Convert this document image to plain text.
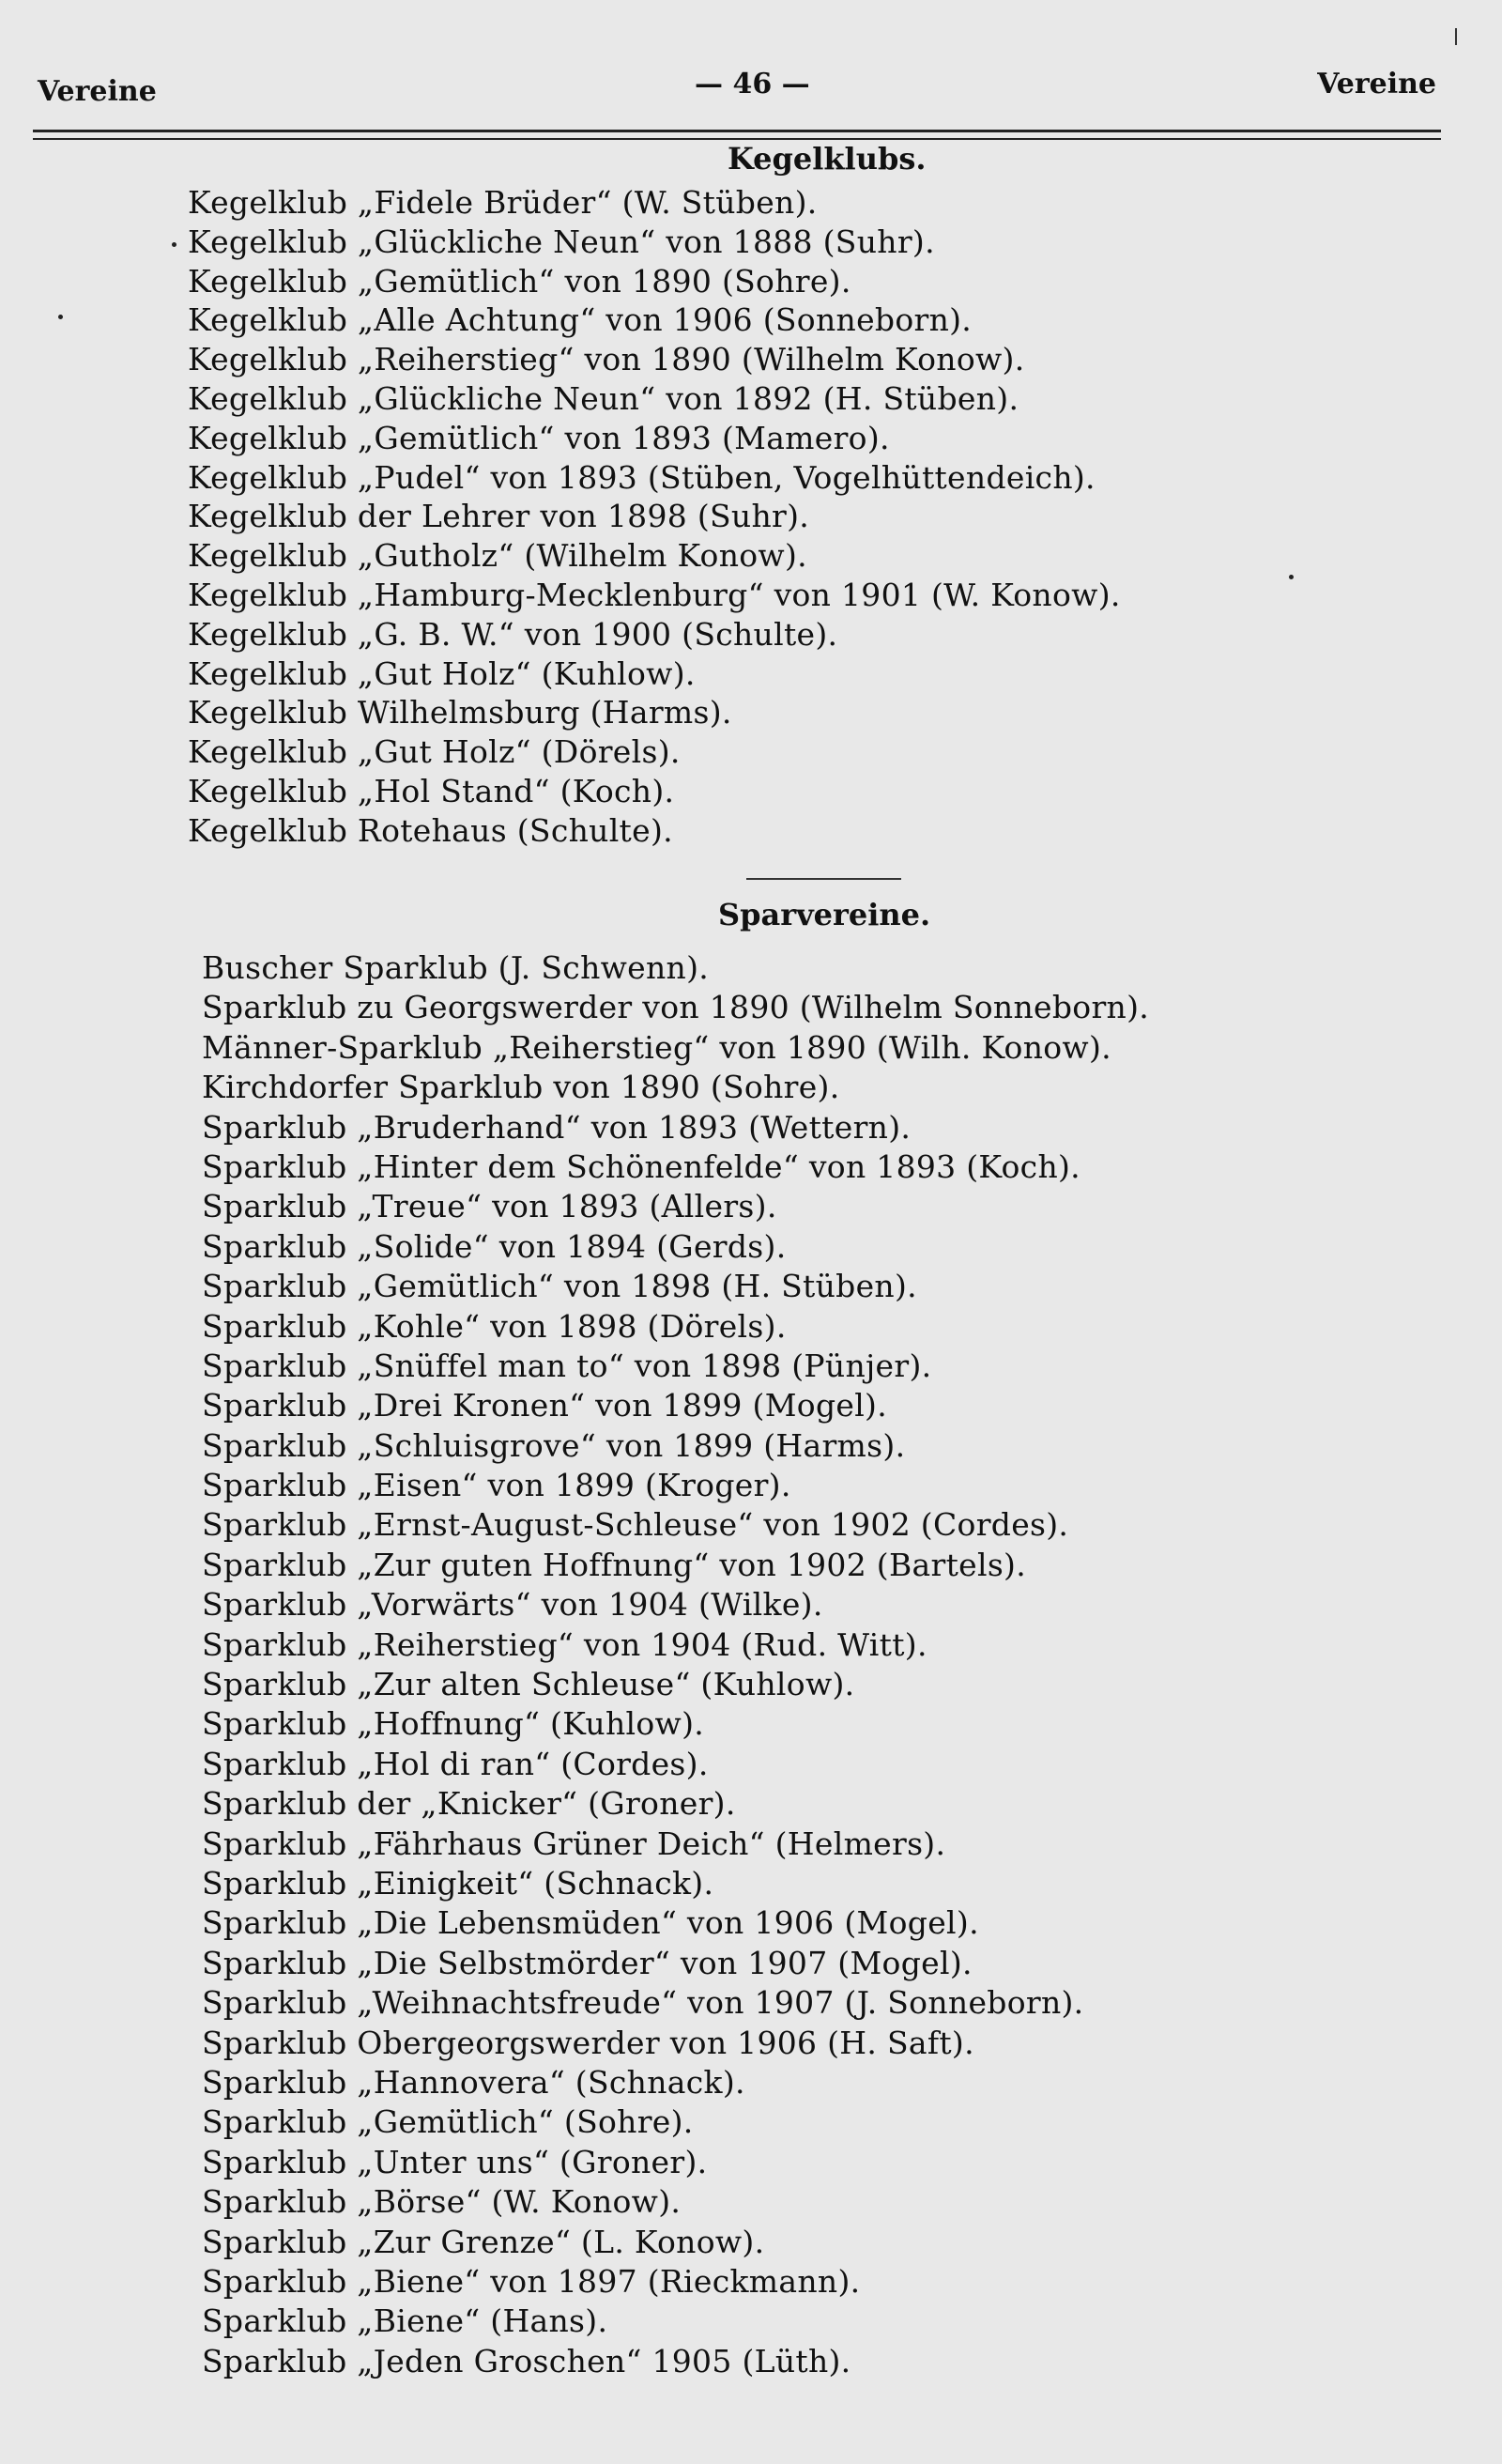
Vereine	— 46 —	Vereine
Kegelklubs.
Kegelklub „Fidele Brüder“ (W. Stüben).
Kegelklub „Glückliche Neun“ von 1888 (Suhr).
Kegelklub „Gemütlich“ von 1890 (Sohre).
Kegelklub „Alle Achtung“ von 1906 (Sonneborn).
Kegelklub „Reiherstieg“ von 1890 (Wilhelm Konow).
Kegelklub „Glückliche Neun“ von 1892 (H. Stüben).
Kegelklub „Gemütlich“ von 1893 (Mamero).
Kegelklub „Pudel“ von 1893 (Stüben, Vogelhüttendeich).
Kegelklub der Lehrer von 1898 (Suhr).
Kegelklub „Gutholz“ (Wilhelm Konow).
Kegelklub „Hamburg-Mecklenburg“ von 1901 (W. Konow).
Kegelklub „G. B. W.“ von 1900 (Schulte).
Kegelklub „Gut Holz“ (Kuhlow).
Kegelklub Wilhelmsburg (Harms).
Kegelklub „Gut Holz“ (Dörels).
Kegelklub „Hol Stand“ (Koch).
Kegelklub Rotehaus (Schulte).
Sparvereine.
Buscher Sparklub (J. Schwenn).
Sparklub zu Georgswerder von 1890 (Wilhelm Sonneborn).
Männer-Sparklub „Reiherstieg“ von 1890 (Wilh. Konow).
Kirchdorfer Sparklub von 1890 (Sohre).
Sparklub „Bruderhand“ von 1893 (Wettern).
Sparklub „Hinter dem Schönenfelde“ von 1893 (Koch).
Sparklub „Treue“ von 1893 (Allers).
Sparklub „Solide“ von 1894 (Gerds).
Sparklub „Gemütlich“ von 1898 (H. Stüben).
Sparklub „Kohle“ von 1898 (Dörels).
Sparklub „Snüffel man to“ von 1898 (Pünjer).
Sparklub „Drei Kronen“ von 1899 (Mogel).
Sparklub „Schluisgrove“ von 1899 (Harms).
Sparklub „Eisen“ von 1899 (Kroger).
Sparklub „Ernst-August-Schleuse“ von 1902 (Cordes).
Sparklub „Zur guten Hoffnung“ von 1902 (Bartels).
Sparklub „Vorwärts“ von 1904 (Wilke).
Sparklub „Reiherstieg“ von 1904 (Rud. Witt).
Sparklub „Zur alten Schleuse“ (Kuhlow).
Sparklub „Hoffnung“ (Kuhlow).
Sparklub „Hol di ran“ (Cordes).
Sparklub der „Knicker“ (Groner).
Sparklub „Fährhaus Grüner Deich“ (Helmers).
Sparklub „Einigkeit“ (Schnack).
Sparklub „Die Lebensmüden“ von 1906 (Mogel).
Sparklub „Die Selbstmörder“ von 1907 (Mogel).
Sparklub „Weihnachtsfreude“ von 1907 (J. Sonneborn).
Sparklub Obergeorgswerder von 1906 (H. Saft).
Sparklub „Hannovera“ (Schnack).
Sparklub „Gemütlich“ (Sohre).
Sparklub „Unter uns“ (Groner).
Sparklub „Börse“ (W. Konow).
Sparklub „Zur Grenze“ (L. Konow).
Sparklub „Biene“ von 1897 (Rieckmann).
Sparklub „Biene“ (Hans).
Sparklub „Jeden Groschen“ 1905 (Lüth).
